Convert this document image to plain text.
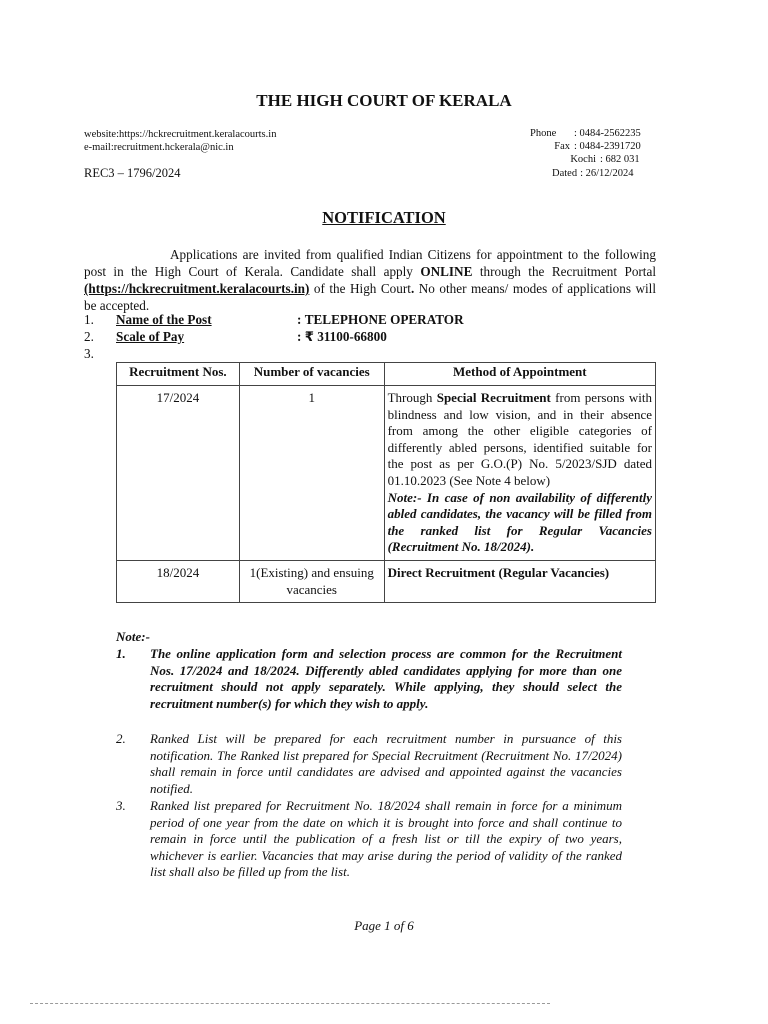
THE HIGH COURT OF KERALA
website:https://hckrecruitment.keralacourts.in
e-mail:recruitment.hckerala@nic.in
Phone	: 0484-2562235
Fax : 0484-2391720
Kochi : 682 031
REC3 – 1796/2024	Dated : 26/12/2024
NOTIFICATION
Applications are invited from qualified Indian Citizens for appointment to the following post in the High Court of Kerala. Candidate shall apply ONLINE through the Recruitment Portal (https://hckrecruitment.keralacourts.in) of the High Court. No other means/ modes of applications will be accepted.
1. Name of the Post	: TELEPHONE OPERATOR
2. Scale of Pay	: ₹ 31100-66800
3.
Recruitment Nos.	Number of vacancies	Method of Appointment
17/2024	1	Through Special Recruitment from persons with blindness and low vision, and in their absence from among the other eligible categories of differently abled persons, identified suitable for the post as per G.O.(P) No. 5/2023/SJD dated 01.10.2023 (See Note 4 below)
Note:- In case of non availability of differently abled candidates, the vacancy will be filled from the ranked list for Regular Vacancies (Recruitment No. 18/2024).
18/2024	1(Existing) and ensuing vacancies	Direct Recruitment (Regular Vacancies)
Note:-
1.	The online application form and selection process are common for the Recruitment Nos. 17/2024 and 18/2024. Differently abled candidates applying for more than one recruitment should not apply separately. While applying, they should select the recruitment number(s) for which they wish to apply.
2.	Ranked List will be prepared for each recruitment number in pursuance of this notification. The Ranked list prepared for Special Recruitment (Recruitment No. 17/2024) shall remain in force until candidates are advised and appointed against the vacancies notified.
3.	Ranked list prepared for Recruitment No. 18/2024 shall remain in force for a minimum period of one year from the date on which it is brought into force and shall continue to remain in force until the publication of a fresh list or till the expiry of two years, whichever is earlier. Vacancies that may arise during the period of validity of the ranked list shall also be filled up from the list.
Page 1 of 6
